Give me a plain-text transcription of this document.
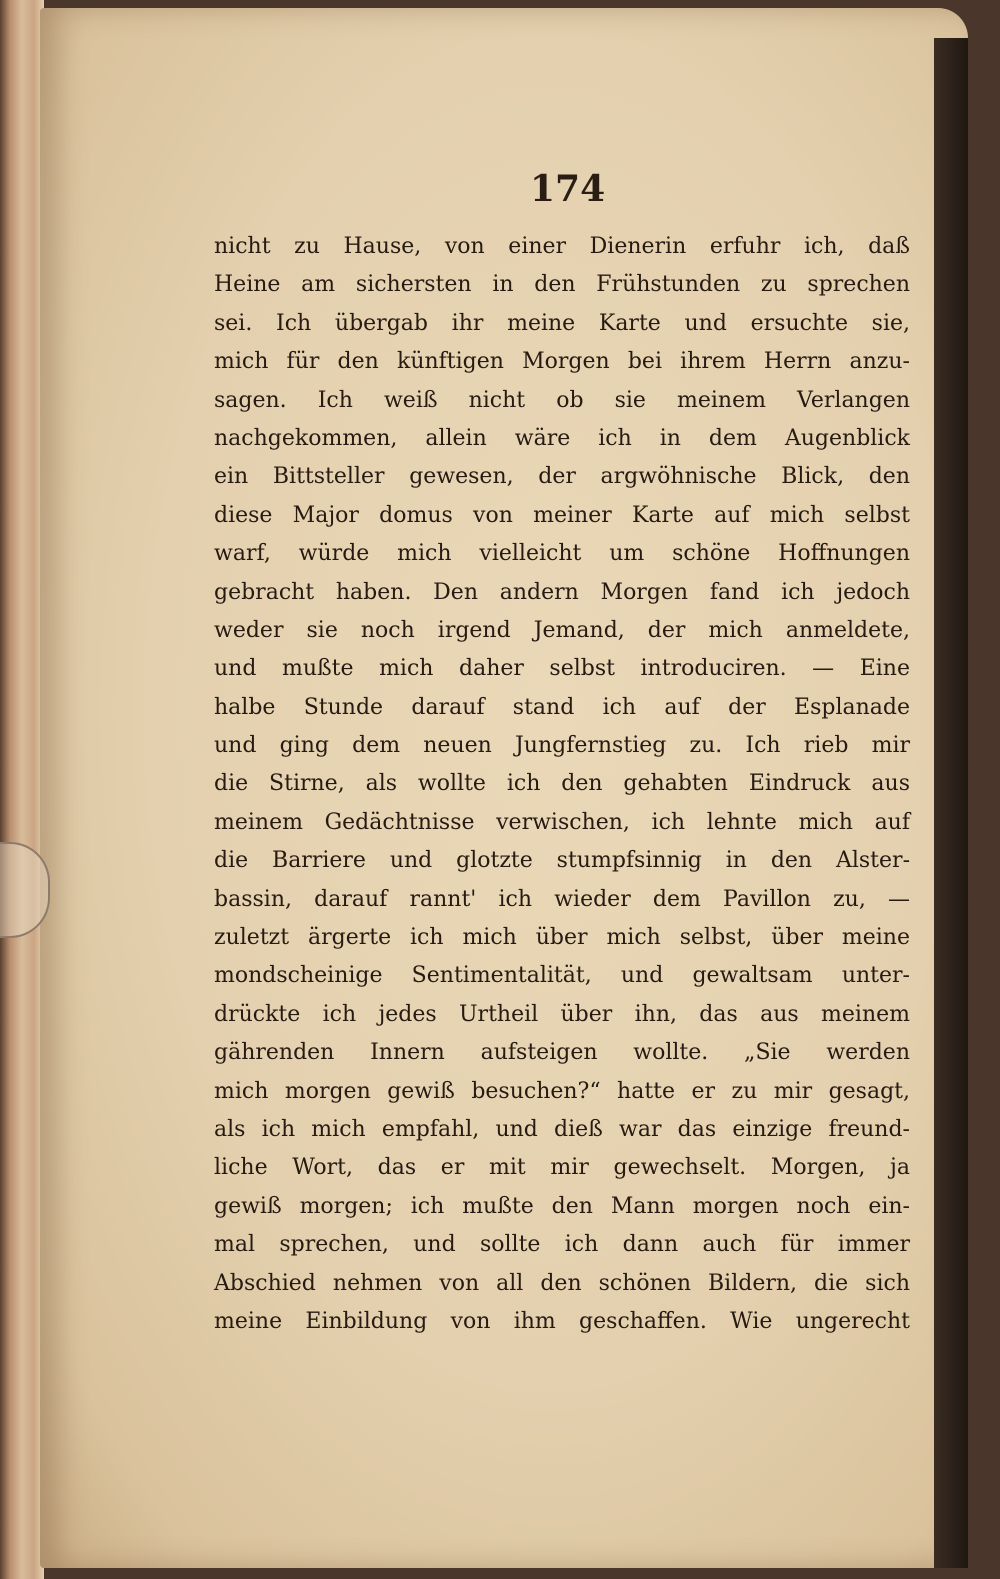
174

nicht zu Hause, von einer Dienerin erfuhr ich, daß
Heine am sichersten in den Frühstunden zu sprechen
sei. Ich übergab ihr meine Karte und ersuchte sie,
mich für den künftigen Morgen bei ihrem Herrn anzu-
sagen. Ich weiß nicht ob sie meinem Verlangen
nachgekommen, allein wäre ich in dem Augenblick
ein Bittsteller gewesen, der argwöhnische Blick, den
diese Major domus von meiner Karte auf mich selbst
warf, würde mich vielleicht um schöne Hoffnungen
gebracht haben. Den andern Morgen fand ich jedoch
weder sie noch irgend Jemand, der mich anmeldete,
und mußte mich daher selbst introduciren. — Eine
halbe Stunde darauf stand ich auf der Esplanade
und ging dem neuen Jungfernstieg zu. Ich rieb mir
die Stirne, als wollte ich den gehabten Eindruck aus
meinem Gedächtnisse verwischen, ich lehnte mich auf
die Barriere und glotzte stumpfsinnig in den Alster-
bassin, darauf rannt' ich wieder dem Pavillon zu, —
zuletzt ärgerte ich mich über mich selbst, über meine
mondscheinige Sentimentalität, und gewaltsam unter-
drückte ich jedes Urtheil über ihn, das aus meinem
gährenden Innern aufsteigen wollte. „Sie werden
mich morgen gewiß besuchen?“ hatte er zu mir gesagt,
als ich mich empfahl, und dieß war das einzige freund-
liche Wort, das er mit mir gewechselt. Morgen, ja
gewiß morgen; ich mußte den Mann morgen noch ein-
mal sprechen, und sollte ich dann auch für immer
Abschied nehmen von all den schönen Bildern, die sich
meine Einbildung von ihm geschaffen. Wie ungerecht
